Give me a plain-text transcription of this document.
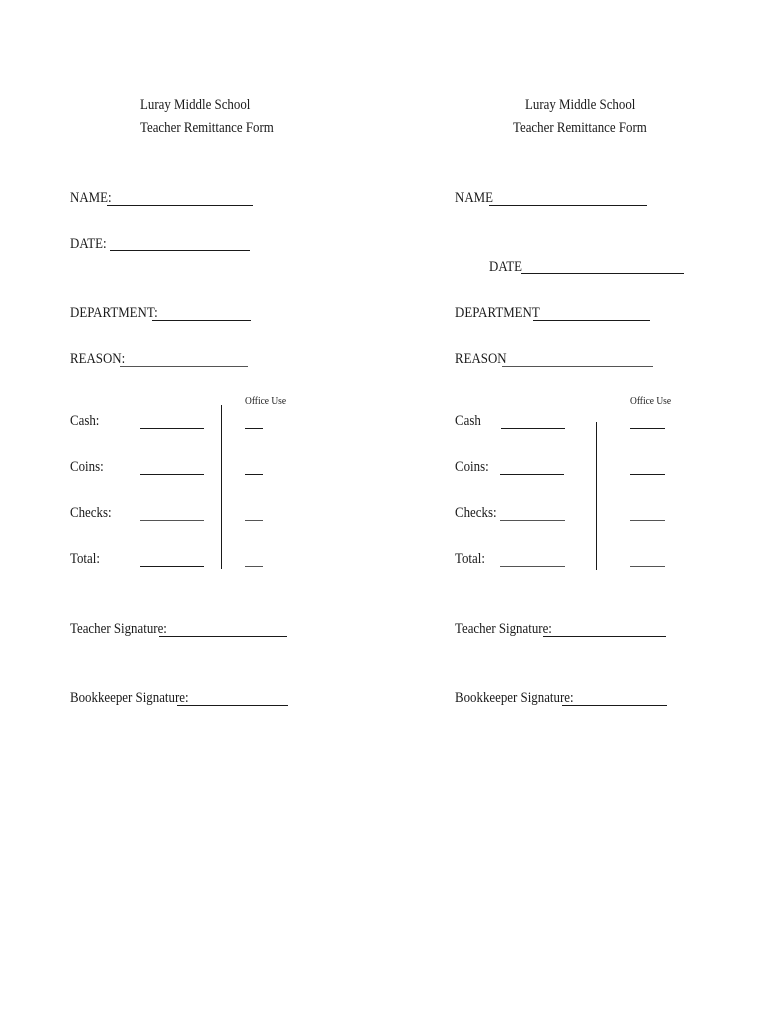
Luray Middle School
Teacher Remittance Form
NAME:
DATE:
DEPARTMENT:
REASON:
Office Use
Cash:
Coins:
Checks:
Total:
Teacher Signature:
Bookkeeper Signature:
Luray Middle School
Teacher Remittance Form
NAME
DATE
DEPARTMENT
REASON
Office Use
Cash
Coins:
Checks:
Total:
Teacher Signature:
Bookkeeper Signature:
